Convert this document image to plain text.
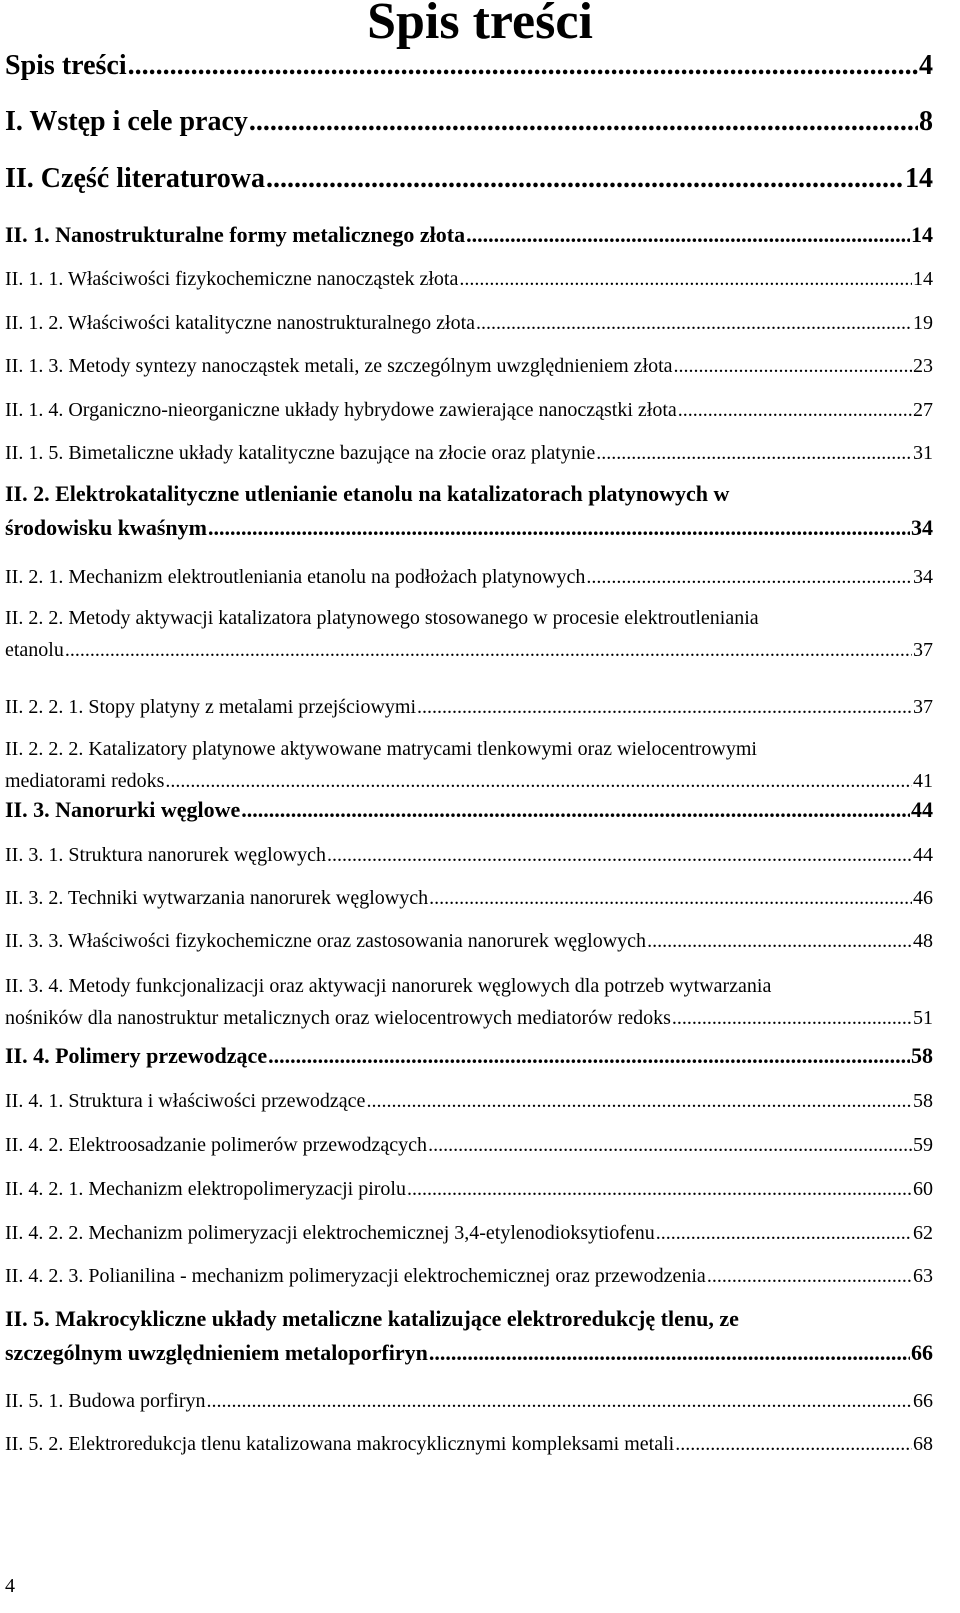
Spis treści
Spis treści .....	4
I. Wstęp i cele pracy .....	8
II. Część literaturowa .....	14
II. 1. Nanostrukturalne formy metalicznego złota .....	14
II. 1. 1. Właściwości fizykochemiczne nanocząstek złota .....	14
II. 1. 2. Właściwości katalityczne nanostrukturalnego złota .....	19
II. 1. 3. Metody syntezy nanocząstek metali, ze szczególnym uwzględnieniem złota .....	23
II. 1. 4. Organiczno-nieorganiczne układy hybrydowe zawierające nanocząstki złota .....	27
II. 1. 5. Bimetaliczne układy katalityczne bazujące na złocie oraz platynie .....	31
II. 2. Elektrokatalityczne utlenianie etanolu na katalizatorach platynowych w
środowisku kwaśnym .....	34
II. 2. 1. Mechanizm elektroutleniania etanolu na podłożach platynowych .....	34
II. 2. 2. Metody aktywacji katalizatora platynowego stosowanego w procesie elektroutleniania
etanolu .....	37
II. 2. 2. 1. Stopy platyny z metalami przejściowymi .....	37
II. 2. 2. 2. Katalizatory platynowe aktywowane matrycami tlenkowymi oraz wielocentrowymi
mediatorami redoks .....	41
II. 3. Nanorurki węglowe .....	44
II. 3. 1. Struktura nanorurek węglowych .....	44
II. 3. 2. Techniki wytwarzania nanorurek węglowych .....	46
II. 3. 3. Właściwości fizykochemiczne oraz zastosowania nanorurek węglowych .....	48
II. 3. 4. Metody funkcjonalizacji oraz aktywacji nanorurek węglowych dla potrzeb wytwarzania
nośników dla nanostruktur metalicznych oraz wielocentrowych mediatorów redoks .....	51
II. 4. Polimery przewodzące .....	58
II. 4. 1. Struktura i właściwości przewodzące .....	58
II. 4. 2. Elektroosadzanie polimerów przewodzących .....	59
II. 4. 2. 1. Mechanizm elektropolimeryzacji pirolu .....	60
II. 4. 2. 2. Mechanizm polimeryzacji elektrochemicznej 3,4-etylenodioksytiofenu .....	62
II. 4. 2. 3. Polianilina - mechanizm polimeryzacji elektrochemicznej oraz przewodzenia .....	63
II. 5. Makrocykliczne układy metaliczne katalizujące elektroredukcję tlenu, ze
szczególnym uwzględnieniem metaloporfiryn .....	66
II. 5. 1. Budowa porfiryn .....	66
II. 5. 2. Elektroredukcja tlenu katalizowana makrocyklicznymi kompleksami metali .....	68
4
